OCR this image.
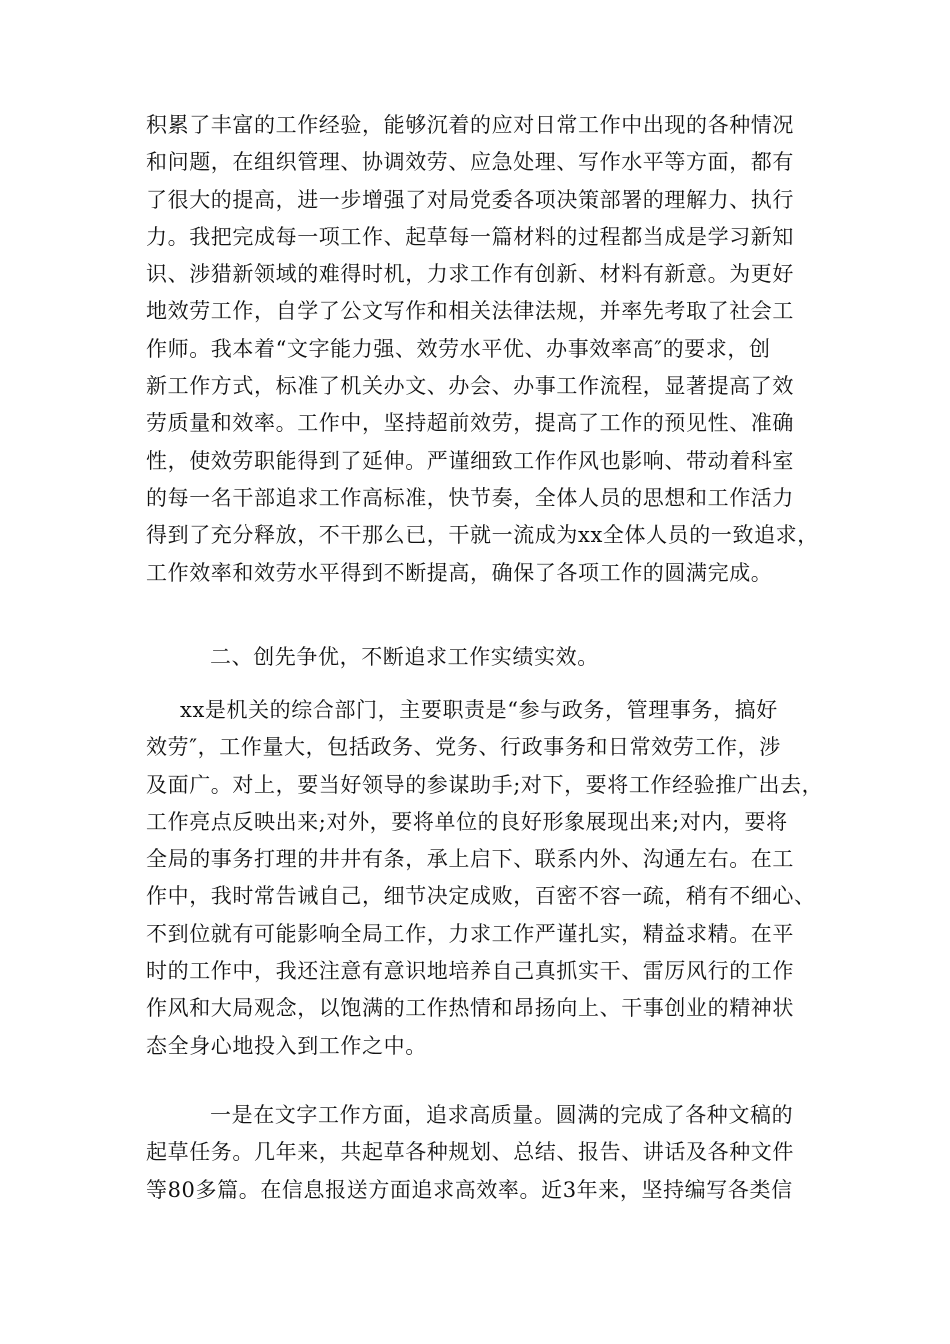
积累了丰富的工作经验，能够沉着的应对日常工作中出现的各种情况
和问题，在组织管理、协调效劳、应急处理、写作水平等方面，都有
了很大的提高，进一步增强了对局党委各项决策部署的理解力、执行
力。我把完成每一项工作、起草每一篇材料的过程都当成是学习新知
识、涉猎新领域的难得时机，力求工作有创新、材料有新意。为更好
地效劳工作，自学了公文写作和相关法律法规，并率先考取了社会工
作师。我本着“文字能力强、效劳水平优、办事效率高″的要求，创
新工作方式，标准了机关办文、办会、办事工作流程，显著提高了效
劳质量和效率。工作中，坚持超前效劳，提高了工作的预见性、准确
性，使效劳职能得到了延伸。严谨细致工作作风也影响、带动着科室
的每一名干部追求工作高标准，快节奏，全体人员的思想和工作活力
得到了充分释放，不干那么已，干就一流成为xx全体人员的一致追求，
工作效率和效劳水平得到不断提高，确保了各项工作的圆满完成。
二、创先争优，不断追求工作实绩实效。
xx是机关的综合部门，主要职责是“参与政务，管理事务，搞好
效劳″，工作量大，包括政务、党务、行政事务和日常效劳工作，涉
及面广。对上，要当好领导的参谋助手;对下，要将工作经验推广出去，
工作亮点反映出来;对外，要将单位的良好形象展现出来;对内，要将
全局的事务打理的井井有条，承上启下、联系内外、沟通左右。在工
作中，我时常告诫自己，细节决定成败，百密不容一疏，稍有不细心、
不到位就有可能影响全局工作，力求工作严谨扎实，精益求精。在平
时的工作中，我还注意有意识地培养自己真抓实干、雷厉风行的工作
作风和大局观念，以饱满的工作热情和昂扬向上、干事创业的精神状
态全身心地投入到工作之中。
一是在文字工作方面，追求高质量。圆满的完成了各种文稿的
起草任务。几年来，共起草各种规划、总结、报告、讲话及各种文件
等80多篇。在信息报送方面追求高效率。近3年来，坚持编写各类信
